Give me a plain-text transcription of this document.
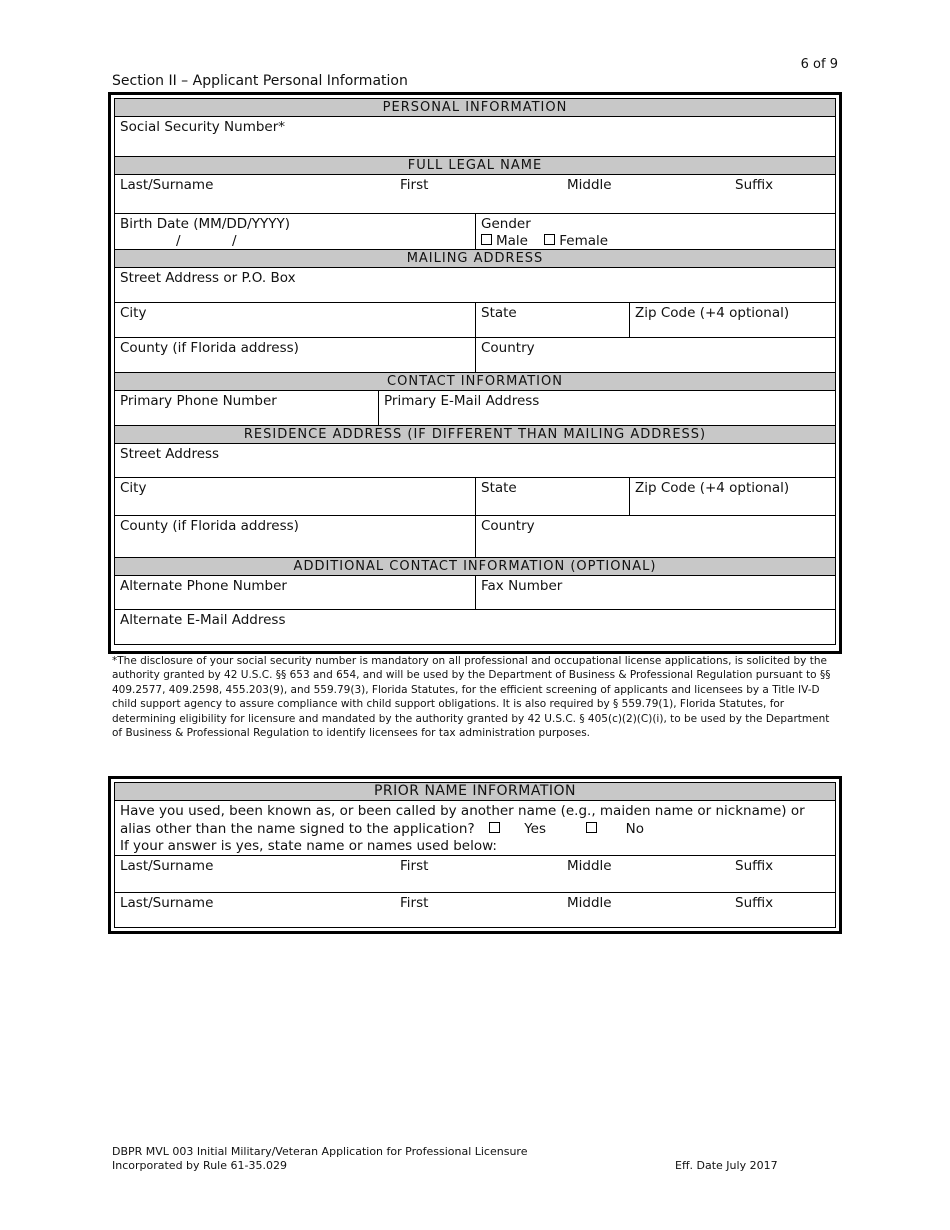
6 of 9
Section II – Applicant Personal Information
PERSONAL INFORMATION
Social Security Number*
FULL LEGAL NAME
Last/Surname	First	Middle	Suffix
Birth Date (MM/DD/YYYY)
/	/
Gender
Male Female
MAILING ADDRESS
Street Address or P.O. Box
City	State	Zip Code (+4 optional)
County (if Florida address)	Country
CONTACT INFORMATION
Primary Phone Number	Primary E-Mail Address
RESIDENCE ADDRESS (IF DIFFERENT THAN MAILING ADDRESS)
Street Address
City	State	Zip Code (+4 optional)
County (if Florida address)	Country
ADDITIONAL CONTACT INFORMATION (OPTIONAL)
Alternate Phone Number	Fax Number
Alternate E-Mail Address
*The disclosure of your social security number is mandatory on all professional and occupational license applications, is solicited by the authority granted by 42 U.S.C. §§ 653 and 654, and will be used by the Department of Business & Professional Regulation pursuant to §§ 409.2577, 409.2598, 455.203(9), and 559.79(3), Florida Statutes, for the efficient screening of applicants and licensees by a Title IV-D child support agency to assure compliance with child support obligations. It is also required by § 559.79(1), Florida Statutes, for determining eligibility for licensure and mandated by the authority granted by 42 U.S.C. § 405(c)(2)(C)(i), to be used by the Department of Business & Professional Regulation to identify licensees for tax administration purposes.
PRIOR NAME INFORMATION
Have you used, been known as, or been called by another name (e.g., maiden name or nickname) or
alias other than the name signed to the application?	Yes	No
If your answer is yes, state name or names used below:
Last/Surname	First	Middle	Suffix
Last/Surname	First	Middle	Suffix
DBPR MVL 003 Initial Military/Veteran Application for Professional Licensure
Incorporated by Rule 61-35.029	Eff. Date July 2017
